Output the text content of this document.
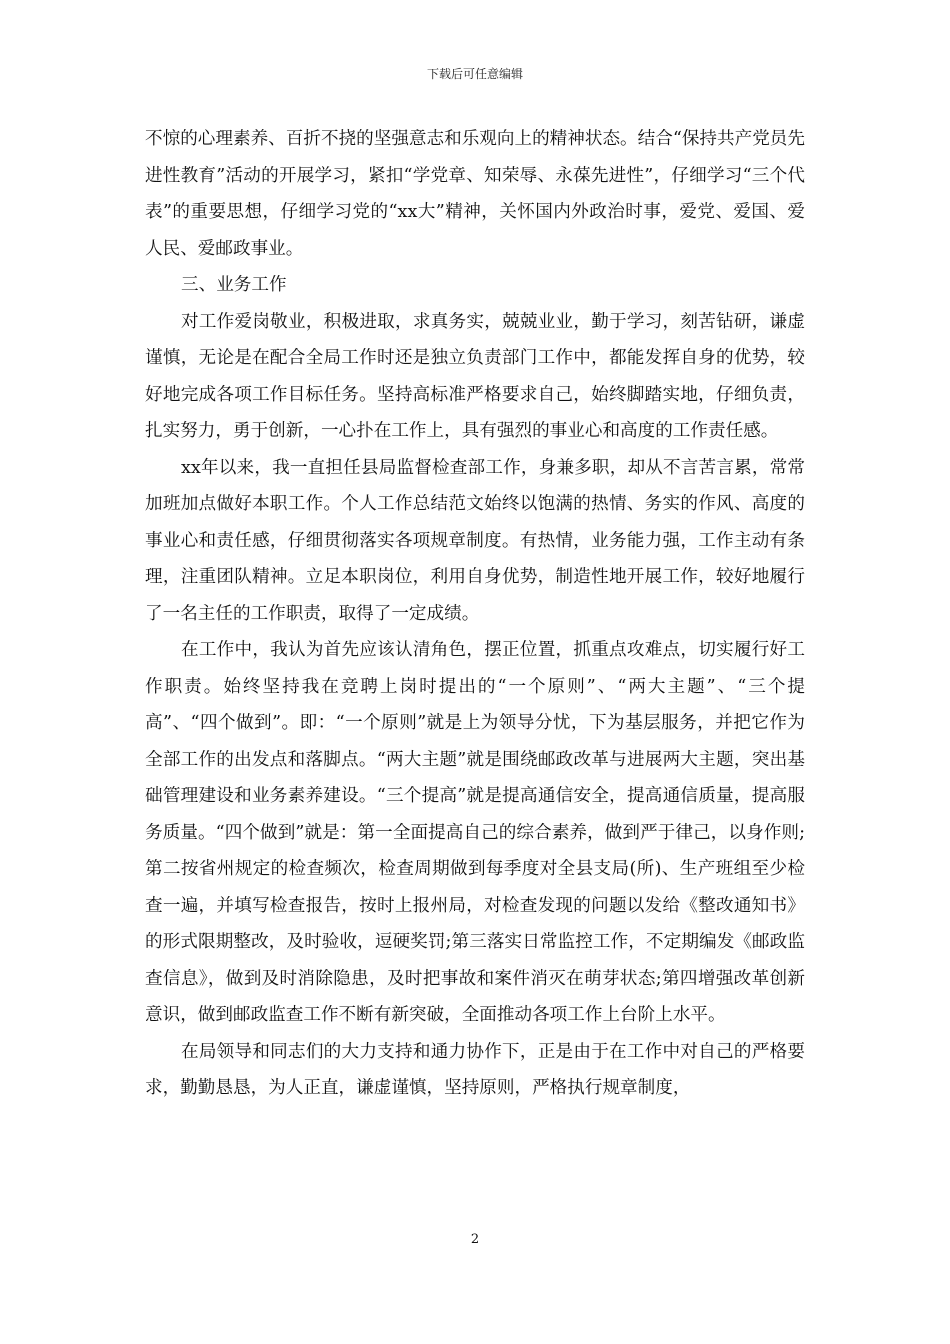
下载后可任意编辑

不惊的心理素养、百折不挠的坚强意志和乐观向上的精神状态。结合“保持共产党员先进性教育”活动的开展学习，紧扣“学党章、知荣辱、永葆先进性”，仔细学习“三个代表”的重要思想，仔细学习党的“xx大”精神，关怀国内外政治时事，爱党、爱国、爱人民、爱邮政事业。

三、业务工作

对工作爱岗敬业，积极进取，求真务实，兢兢业业，勤于学习，刻苦钻研，谦虚谨慎，无论是在配合全局工作时还是独立负责部门工作中，都能发挥自身的优势，较好地完成各项工作目标任务。坚持高标准严格要求自己，始终脚踏实地，仔细负责，扎实努力，勇于创新，一心扑在工作上，具有强烈的事业心和高度的工作责任感。

xx年以来，我一直担任县局监督检查部工作，身兼多职，却从不言苦言累，常常加班加点做好本职工作。个人工作总结范文始终以饱满的热情、务实的作风、高度的事业心和责任感，仔细贯彻落实各项规章制度。有热情，业务能力强，工作主动有条理，注重团队精神。立足本职岗位，利用自身优势，制造性地开展工作，较好地履行了一名主任的工作职责，取得了一定成绩。

在工作中，我认为首先应该认清角色，摆正位置，抓重点攻难点，切实履行好工作职责。始终坚持我在竞聘上岗时提出的“一个原则”、“两大主题”、“三个提高”、“四个做到”。即：“一个原则”就是上为领导分忧，下为基层服务，并把它作为全部工作的出发点和落脚点。“两大主题”就是围绕邮政改革与进展两大主题，突出基础管理建设和业务素养建设。“三个提高”就是提高通信安全，提高通信质量，提高服务质量。“四个做到”就是：第一全面提高自己的综合素养，做到严于律己，以身作则;第二按省州规定的检查频次，检查周期做到每季度对全县支局(所)、生产班组至少检查一遍，并填写检查报告，按时上报州局，对检查发现的问题以发给《整改通知书》的形式限期整改，及时验收，逗硬奖罚;第三落实日常监控工作，不定期编发《邮政监查信息》，做到及时消除隐患，及时把事故和案件消灭在萌芽状态;第四增强改革创新意识，做到邮政监查工作不断有新突破，全面推动各项工作上台阶上水平。

在局领导和同志们的大力支持和通力协作下，正是由于在工作中对自己的严格要求，勤勤恳恳，为人正直，谦虚谨慎，坚持原则，严格执行规章制度，

2
